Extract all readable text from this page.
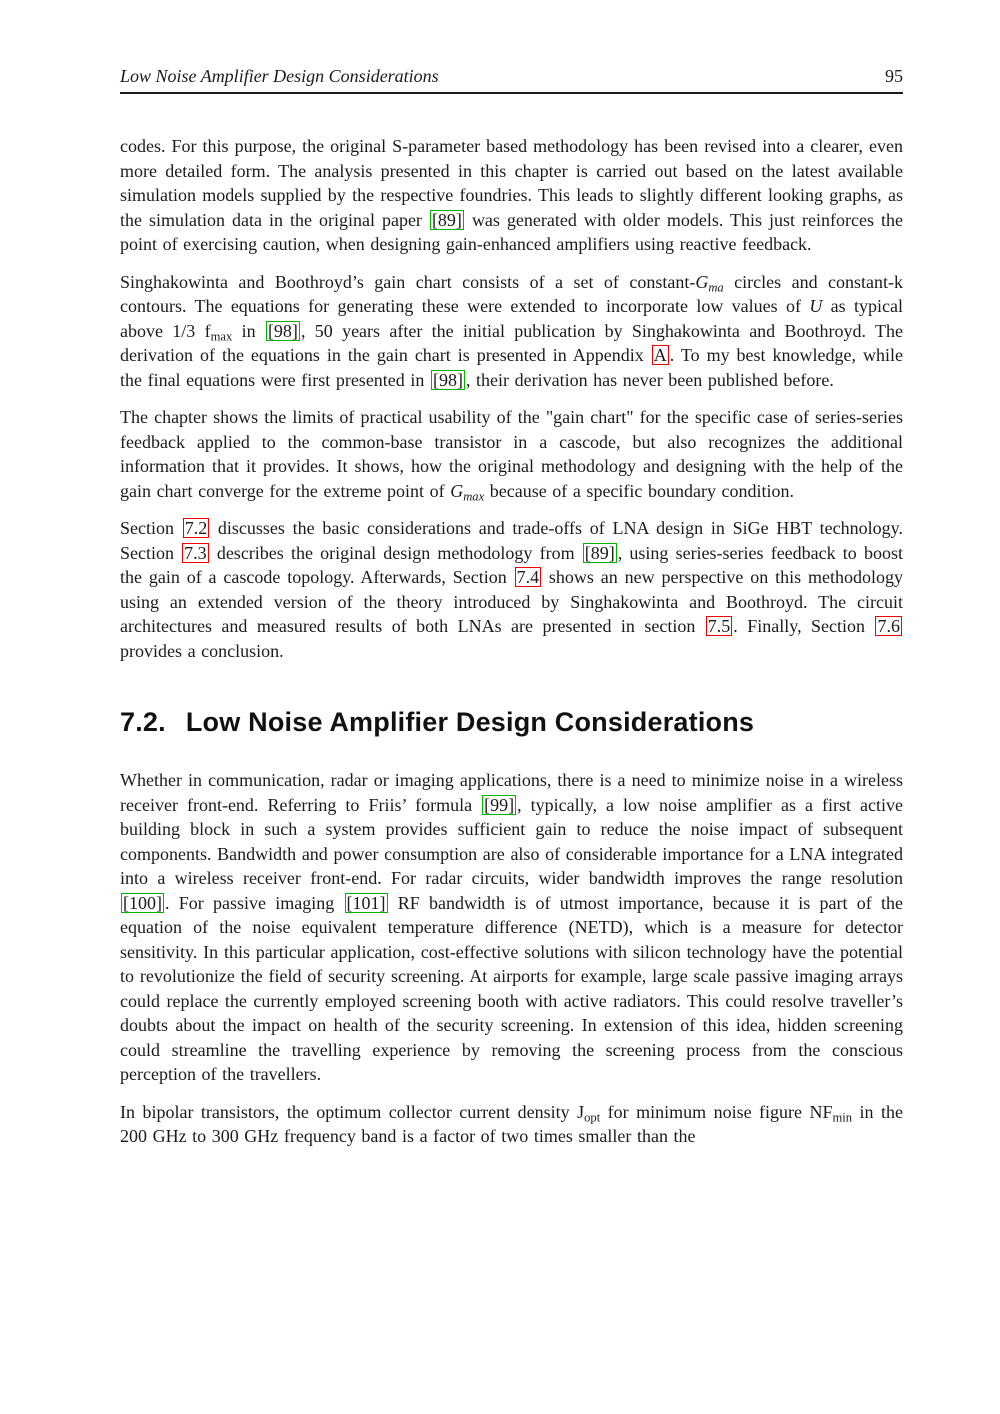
Low Noise Amplifier Design Considerations	95

codes. For this purpose, the original S-parameter based methodology has been revised into a clearer, even more detailed form. The analysis presented in this chapter is carried out based on the latest available simulation models supplied by the respective foundries. This leads to slightly different looking graphs, as the simulation data in the original paper [89] was generated with older models. This just reinforces the point of exercising caution, when designing gain-enhanced amplifiers using reactive feedback.

Singhakowinta and Boothroyd’s gain chart consists of a set of constant-$G_{ma}$ circles and constant-k contours. The equations for generating these were extended to incorporate low values of U as typical above 1/3 $f_{max}$ in [98] , 50 years after the initial publication by Singhakowinta and Boothroyd. The derivation of the equations in the gain chart is presented in Appendix A . To my best knowledge, while the final equations were first presented in [98] , their derivation has never been published before.

The chapter shows the limits of practical usability of the "gain chart" for the specific case of series-series feedback applied to the common-base transistor in a cascode, but also recognizes the additional information that it provides. It shows, how the original methodology and designing with the help of the gain chart converge for the extreme point of $G_{max}$ because of a specific boundary condition.

Section 7.2 discusses the basic considerations and trade-offs of LNA design in SiGe HBT technology. Section 7.3 describes the original design methodology from [89] , using series-series feedback to boost the gain of a cascode topology. Afterwards, Section 7.4 shows an new perspective on this methodology using an extended version of the theory introduced by Singhakowinta and Boothroyd. The circuit architectures and measured results of both LNAs are presented in section 7.5 . Finally, Section 7.6 provides a conclusion.

7.2. Low Noise Amplifier Design Considerations

Whether in communication, radar or imaging applications, there is a need to minimize noise in a wireless receiver front-end. Referring to Friis’ formula [99] , typically, a low noise amplifier as a first active building block in such a system provides sufficient gain to reduce the noise impact of subsequent components. Bandwidth and power consumption are also of considerable importance for a LNA integrated into a wireless receiver front-end. For radar circuits, wider bandwidth improves the range resolution [100] . For passive imaging [101] RF bandwidth is of utmost importance, because it is part of the equation of the noise equivalent temperature difference (NETD), which is a measure for detector sensitivity. In this particular application, cost-effective solutions with silicon technology have the potential to revolutionize the field of security screening. At airports for example, large scale passive imaging arrays could replace the currently employed screening booth with active radiators. This could resolve traveller’s doubts about the impact on health of the security screening. In extension of this idea, hidden screening could streamline the travelling experience by removing the screening process from the conscious perception of the travellers.

In bipolar transistors, the optimum collector current density $J_{opt}$ for minimum noise figure $NF_{min}$ in the 200 GHz to 300 GHz frequency band is a factor of two times smaller than the
